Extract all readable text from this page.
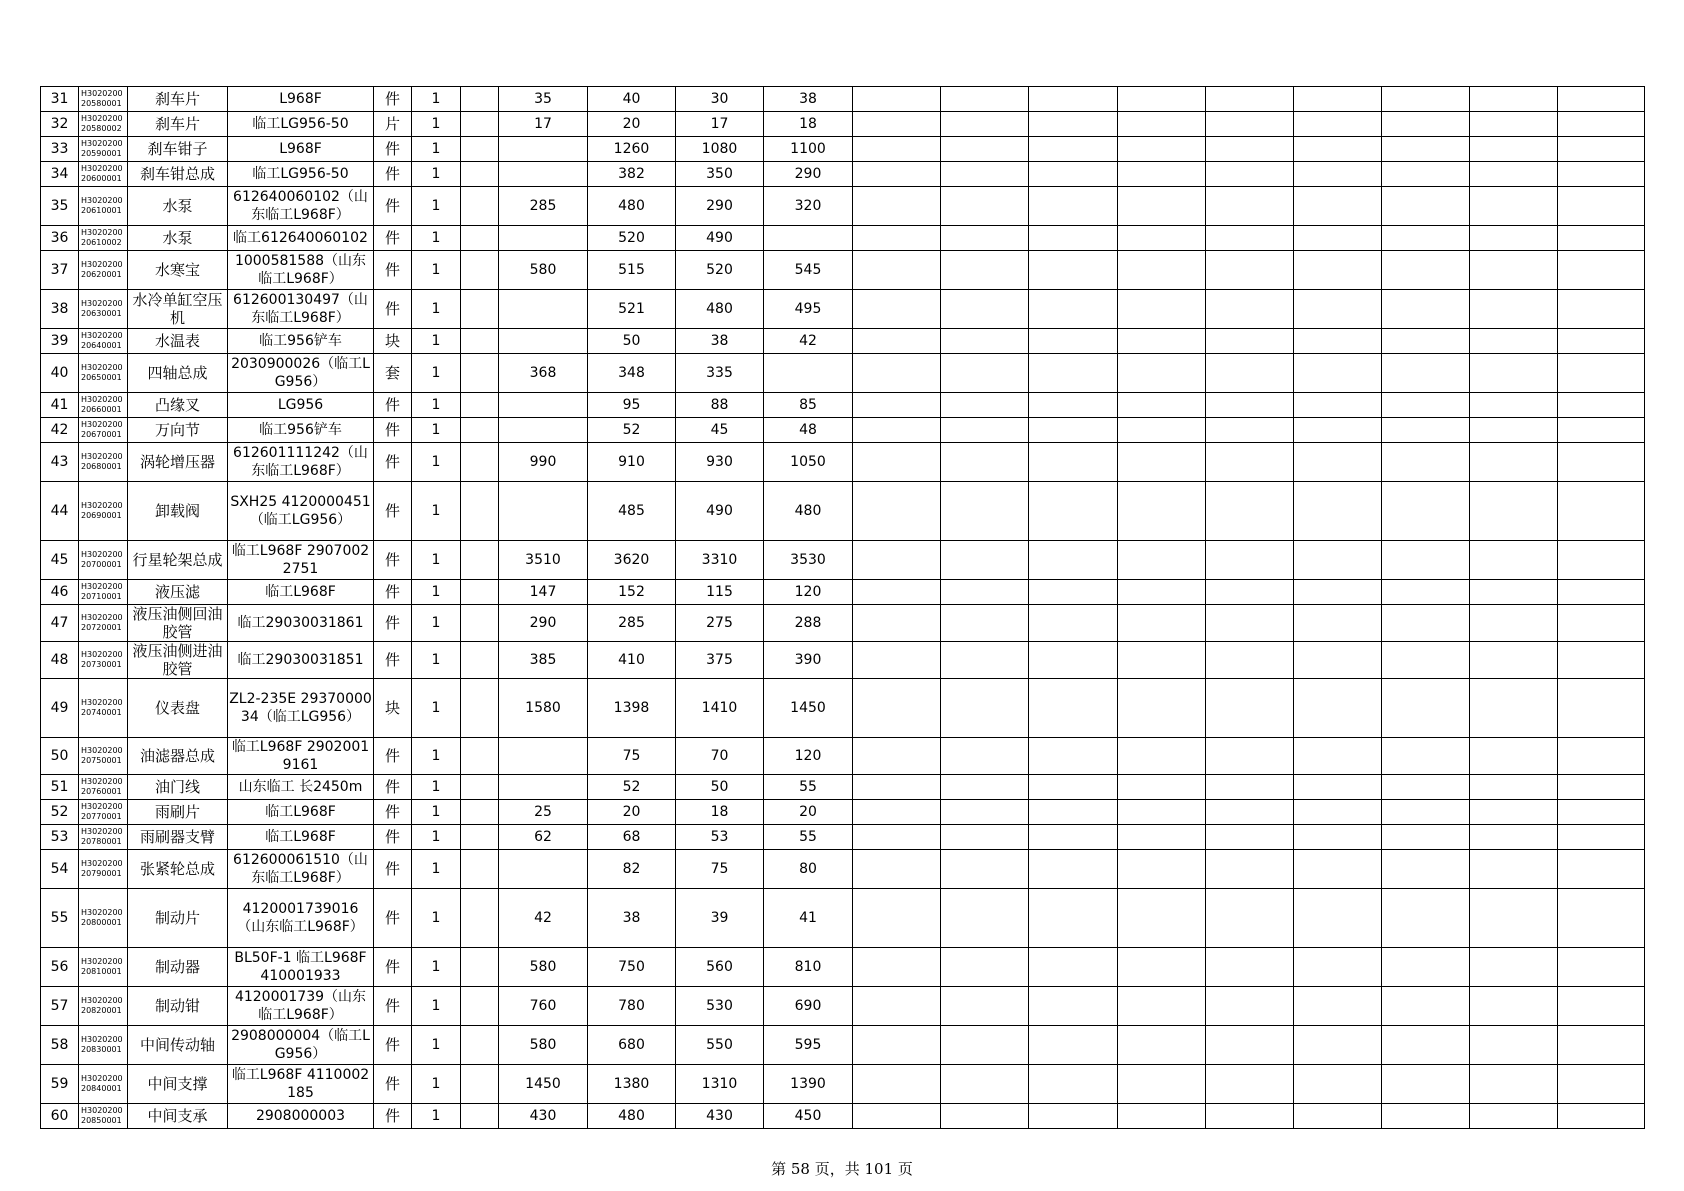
31	H302020020580001	刹车片	L968F	件	1		35	40	30	38									
32	H302020020580002	刹车片	临工LG956-50	片	1		17	20	17	18									
33	H302020020590001	刹车钳子	L968F	件	1			1260	1080	1100									
34	H302020020600001	刹车钳总成	临工LG956-50	件	1			382	350	290									
35	H302020020610001	水泵	612640060102（山东临工L968F）	件	1		285	480	290	320									
36	H302020020610002	水泵	临工612640060102	件	1			520	490										
37	H302020020620001	水寒宝	1000581588（山东临工L968F）	件	1		580	515	520	545									
38	H302020020630001	水冷单缸空压机	612600130497（山东临工L968F）	件	1			521	480	495									
39	H302020020640001	水温表	临工956铲车	块	1			50	38	42									
40	H302020020650001	四轴总成	2030900026（临工LG956）	套	1		368	348	335										
41	H302020020660001	凸缘叉	LG956	件	1			95	88	85									
42	H302020020670001	万向节	临工956铲车	件	1			52	45	48									
43	H302020020680001	涡轮增压器	612601111242（山东临工L968F）	件	1		990	910	930	1050									
44	H302020020690001	卸载阀	SXH25 4120000451（临工LG956）	件	1			485	490	480									
45	H302020020700001	行星轮架总成	临工L968F 29070022751	件	1		3510	3620	3310	3530									
46	H302020020710001	液压滤	临工L968F	件	1		147	152	115	120									
47	H302020020720001	液压油侧回油胶管	临工29030031861	件	1		290	285	275	288									
48	H302020020730001	液压油侧进油胶管	临工29030031851	件	1		385	410	375	390									
49	H302020020740001	仪表盘	ZL2-235E 2937000034（临工LG956）	块	1		1580	1398	1410	1450									
50	H302020020750001	油滤器总成	临工L968F 29020019161	件	1			75	70	120									
51	H302020020760001	油门线	山东临工 长2450m	件	1			52	50	55									
52	H302020020770001	雨刷片	临工L968F	件	1		25	20	18	20									
53	H302020020780001	雨刷器支臂	临工L968F	件	1		62	68	53	55									
54	H302020020790001	张紧轮总成	612600061510（山东临工L968F）	件	1			82	75	80									
55	H302020020800001	制动片	4120001739016（山东临工L968F）	件	1		42	38	39	41									
56	H302020020810001	制动器	BL50F-1 临工L968F 410001933	件	1		580	750	560	810									
57	H302020020820001	制动钳	4120001739（山东临工L968F）	件	1		760	780	530	690									
58	H302020020830001	中间传动轴	2908000004（临工LG956）	件	1		580	680	550	595									
59	H302020020840001	中间支撑	临工L968F 4110002185	件	1		1450	1380	1310	1390									
60	H302020020850001	中间支承	2908000003	件	1		430	480	430	450									
第 58 页，共 101 页
